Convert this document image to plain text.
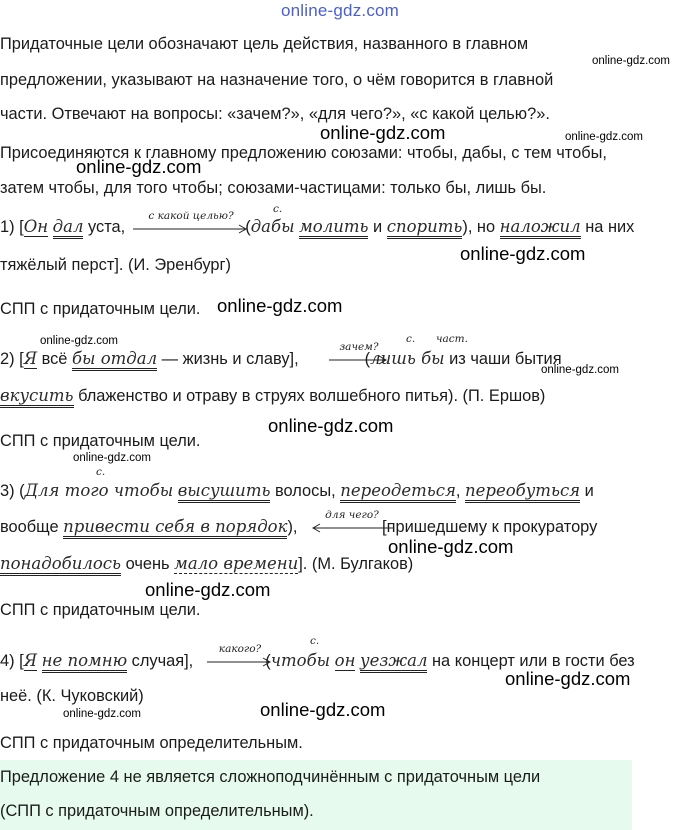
online-gdz.com
Придаточные цели обозначают цель действия, названного в главном
предложении, указывают на назначение того, о чём говорится в главной
части. Отвечают на вопросы: «зачем?», «для чего?», «с какой целью?».
Присоединяются к главному предложению союзами: чтобы, дабы, с тем чтобы,
затем чтобы, для того чтобы; союзами-частицами: только бы, лишь бы.
1) [Он дал уста,	(дабы молить и спорить), но наложил на них
с какой целью?
с.
тяжёлый перст]. (И. Эренбург)
СПП с придаточным цели.
2) [Я всё бы отдал — жизнь и славу],	(лишь бы из чаши бытия
зачем?
с. част.
вкусить блаженство и отраву в струях волшебного питья). (П. Ершов)
СПП с придаточным цели.
с.
3) (Для того чтобы высушить волосы, переодеться, переобуться и
вообще привести себя в порядок),	[пришедшему к прокуратору
для чего?
понадобилось очень мало времени]. (М. Булгаков)
СПП с придаточным цели.
4) [Я не помню случая],	(чтобы он уезжал на концерт или в гости без
какого?
с.
неё. (К. Чуковский)
СПП с придаточным определительным.
Предложение 4 не является сложноподчинённым с придаточным цели
(СПП с придаточным определительным).
online-gdz.com
online-gdz.com	online-gdz.com
online-gdz.com
online-gdz.com
online-gdz.com
online-gdz.com
online-gdz.com
online-gdz.com
online-gdz.com
online-gdz.com
online-gdz.com
online-gdz.com
online-gdz.com
online-gdz.com
